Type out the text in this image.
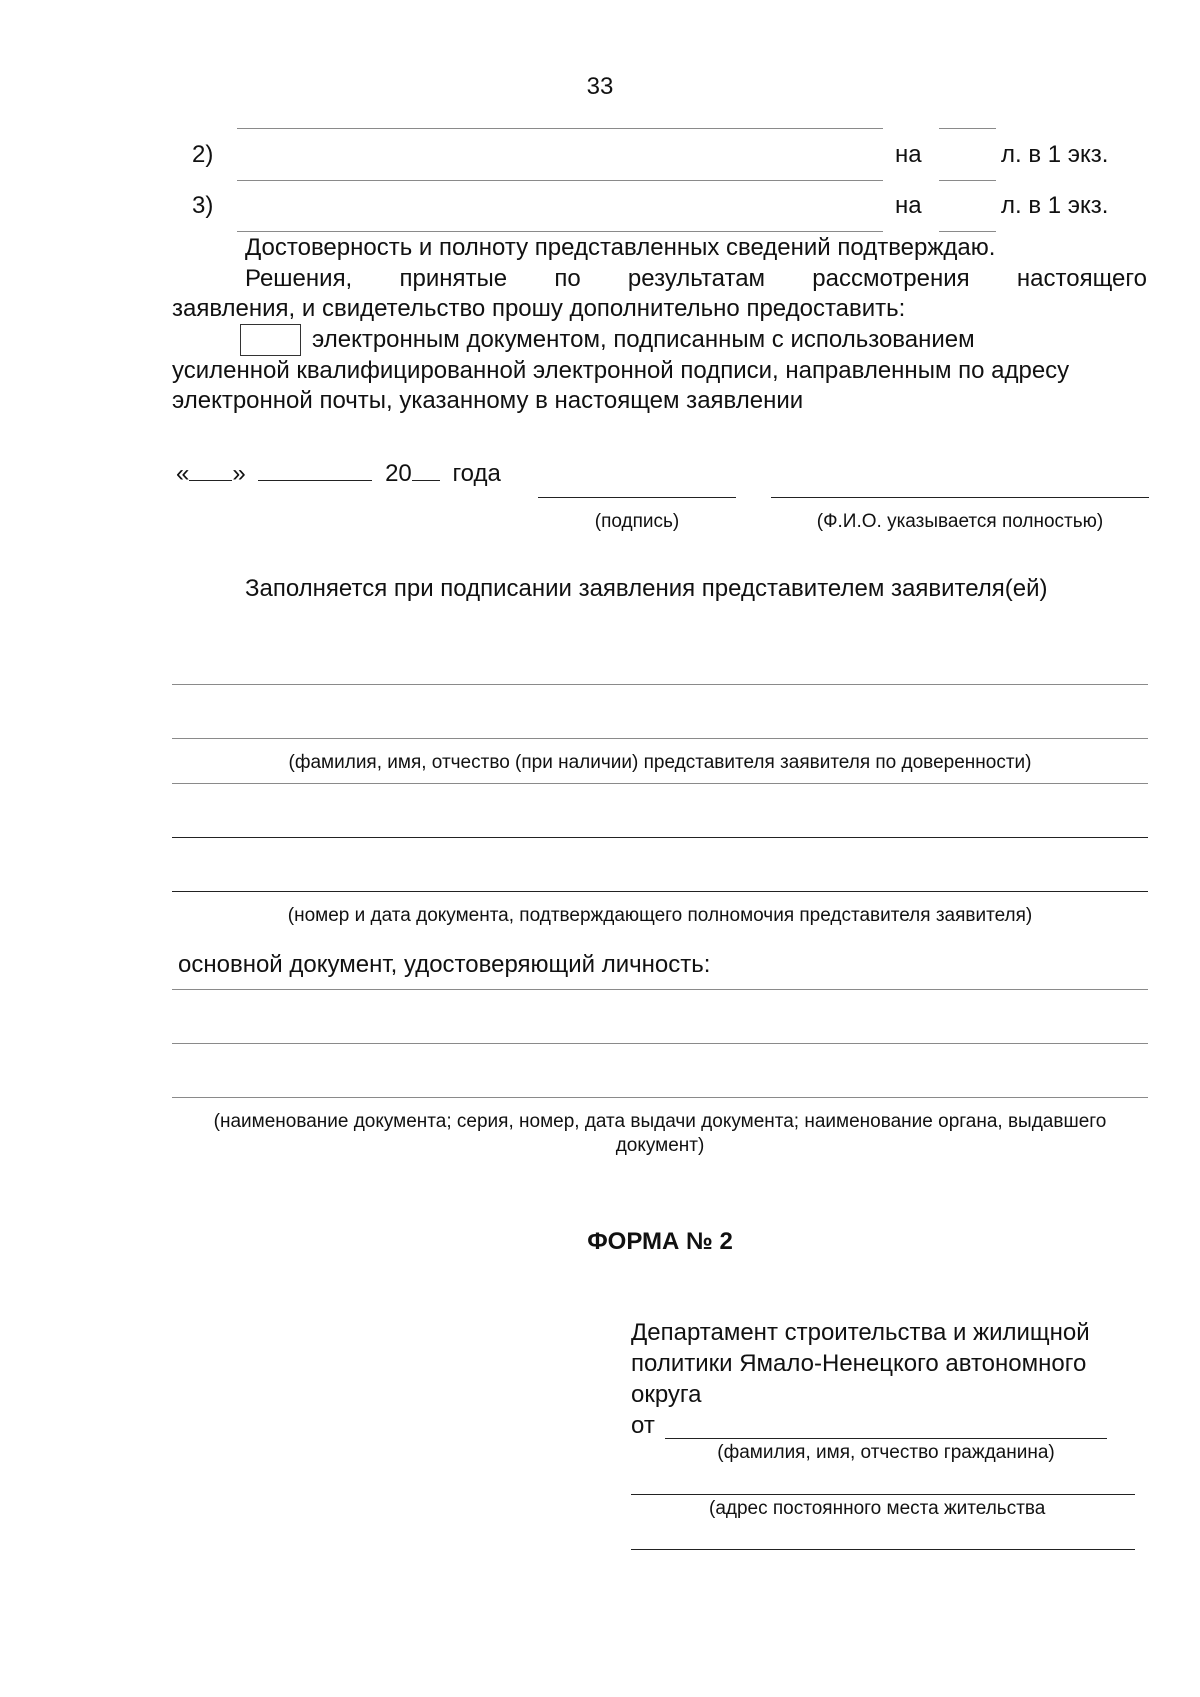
33
2)	на	л. в 1 экз.
3)	на	л. в 1 экз.
Достоверность и полноту представленных сведений подтверждаю.
Решения, принятые по результатам рассмотрения настоящего
заявления, и свидетельство прошу дополнительно предоставить:
электронным документом, подписанным с использованием
усиленной квалифицированной электронной подписи, направленным по адресу
электронной почты, указанному в настоящем заявлении
« »	20 года
(подпись)	(Ф.И.О. указывается полностью)
Заполняется при подписании заявления представителем заявителя(ей)
(фамилия, имя, отчество (при наличии) представителя заявителя по доверенности)
(номер и дата документа, подтверждающего полномочия представителя заявителя)
основной документ, удостоверяющий личность:
(наименование документа; серия, номер, дата выдачи документа; наименование органа, выдавшего документ)
ФОРМА № 2
Департамент строительства и жилищной
политики Ямало-Ненецкого автономного
округа
от
(фамилия, имя, отчество гражданина)
(адрес постоянного места жительства
